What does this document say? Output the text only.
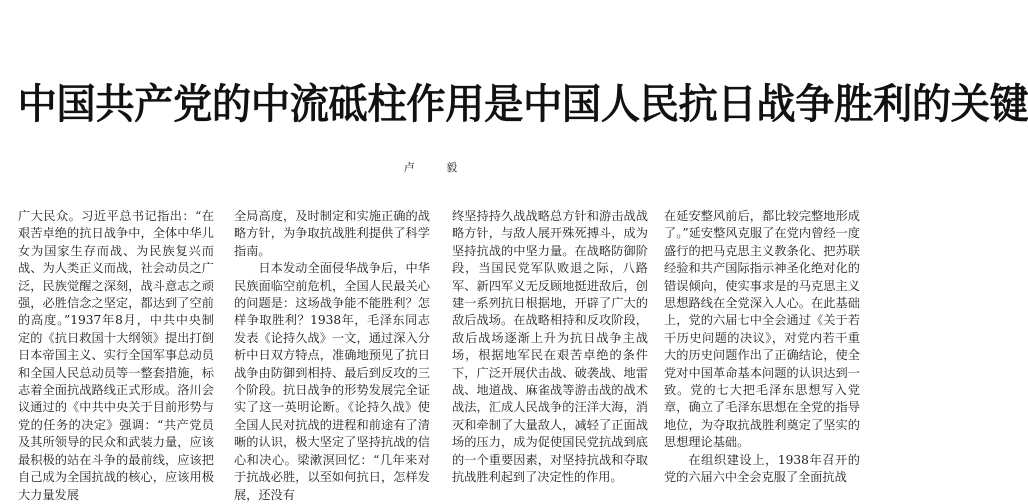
中国共产党的中流砥柱作用是中国人民抗日战争胜利的关键
卢 毅

广大民众。习近平总书记指出：“在艰苦卓绝的抗日战争中，全体中华儿女为国家生存而战、为民族复兴而战、为人类正义而战，社会动员之广泛，民族觉醒之深刻，战斗意志之顽强，必胜信念之坚定，都达到了空前的高度。”1937年8月，中共中央制定的《抗日救国十大纲领》提出打倒日本帝国主义、实行全国军事总动员和全国人民总动员等一整套措施，标志着全面抗战路线正式形成。洛川会议通过的《中共中央关于目前形势与党的任务的决定》强调：“共产党员及其所领导的民众和武装力量，应该最积极的站在斗争的最前线，应该把自己成为全国抗战的核心，应该用极大力量发展

全局高度，及时制定和实施正确的战略方针，为争取抗战胜利提供了科学指南。

日本发动全面侵华战争后，中华民族面临空前危机，全国人民最关心的问题是：这场战争能不能胜利？怎样争取胜利？1938年，毛泽东同志发表《论持久战》一文，通过深入分析中日双方特点，准确地预见了抗日战争由防御到相持、最后到反攻的三个阶段。抗日战争的形势发展完全证实了这一英明论断。《论持久战》使全国人民对抗战的进程和前途有了清晰的认识，极大坚定了坚持抗战的信心和决心。梁漱溟回忆：“几年来对于抗战必胜，以至如何抗日，怎样发展，还没有

终坚持持久战战略总方针和游击战战略方针，与敌人展开殊死搏斗，成为坚持抗战的中坚力量。在战略防御阶段，当国民党军队败退之际，八路军、新四军义无反顾地挺进敌后，创建一系列抗日根据地，开辟了广大的敌后战场。在战略相持和反攻阶段，敌后战场逐渐上升为抗日战争主战场，根据地军民在艰苦卓绝的条件下，广泛开展伏击战、破袭战、地雷战、地道战、麻雀战等游击战的战术战法，汇成人民战争的汪洋大海，消灭和牵制了大量敌人，减轻了正面战场的压力，成为促使国民党抗战到底的一个重要因素，对坚持抗战和夺取抗战胜利起到了决定性的作用。

在延安整风前后，都比较完整地形成了。”延安整风克服了在党内曾经一度盛行的把马克思主义教条化、把苏联经验和共产国际指示神圣化绝对化的错误倾向，使实事求是的马克思主义思想路线在全党深入人心。在此基础上，党的六届七中全会通过《关于若干历史问题的决议》，对党内若干重大的历史问题作出了正确结论，使全党对中国革命基本问题的认识达到一致。党的七大把毛泽东思想写入党章，确立了毛泽东思想在全党的指导地位，为夺取抗战胜利奠定了坚实的思想理论基础。

在组织建设上，1938年召开的党的六届六中全会克服了全面抗战
